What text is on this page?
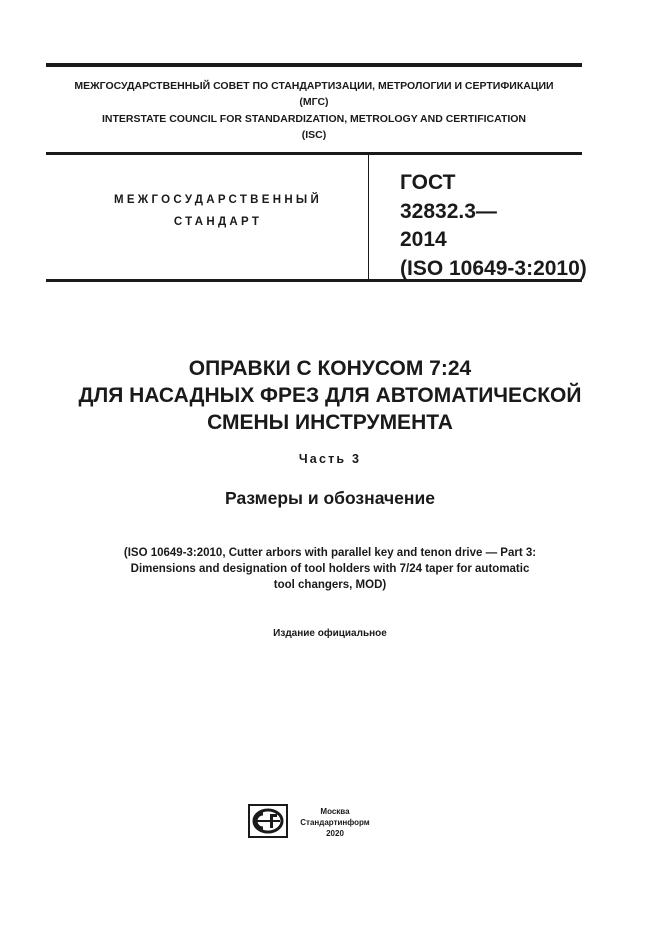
МЕЖГОСУДАРСТВЕННЫЙ СОВЕТ ПО СТАНДАРТИЗАЦИИ, МЕТРОЛОГИИ И СЕРТИФИКАЦИИ
(МГС)
INTERSTATE COUNCIL FOR STANDARDIZATION, METROLOGY AND CERTIFICATION
(ISC)
МЕЖГОСУДАРСТВЕННЫЙ
СТАНДАРТ
ГОСТ
32832.3—
2014
(ISO 10649-3:2010)
ОПРАВКИ С КОНУСОМ 7:24
ДЛЯ НАСАДНЫХ ФРЕЗ ДЛЯ АВТОМАТИЧЕСКОЙ
СМЕНЫ ИНСТРУМЕНТА
Часть 3
Размеры и обозначение
(ISO 10649-3:2010, Cutter arbors with parallel key and tenon drive — Part 3:
Dimensions and designation of tool holders with 7/24 taper for automatic
tool changers, MOD)
Издание официальное
Москва
Стандартинформ
2020
